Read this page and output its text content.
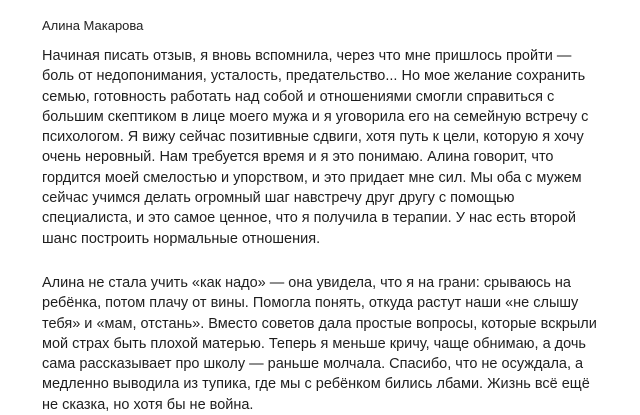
Алина Макарова
Начиная писать отзыв, я вновь вспомнила, через что мне пришлось пройти —
боль от недопонимания, усталость, предательство... Но мое желание сохранить
семью, готовность работать над собой и отношениями смогли справиться с
большим скептиком в лице моего мужа и я уговорила его на семейную встречу с
психологом. Я вижу сейчас позитивные сдвиги, хотя путь к цели, которую я хочу
очень неровный. Нам требуется время и я это понимаю. Алина говорит, что
гордится моей смелостью и упорством, и это придает мне сил. Мы оба с мужем
сейчас учимся делать огромный шаг навстречу друг другу с помощью
специалиста, и это самое ценное, что я получила в терапии. У нас есть второй
шанс построить нормальные отношения.
Алина не стала учить «как надо» — она увидела, что я на грани: срываюсь на
ребёнка, потом плачу от вины. Помогла понять, откуда растут наши «не слышу
тебя» и «мам, отстань». Вместо советов дала простые вопросы, которые вскрыли
мой страх быть плохой матерью. Теперь я меньше кричу, чаще обнимаю, а дочь
сама рассказывает про школу — раньше молчала. Спасибо, что не осуждала, а
медленно выводила из тупика, где мы с ребёнком бились лбами. Жизнь всё ещё
не сказка, но хотя бы не война.
